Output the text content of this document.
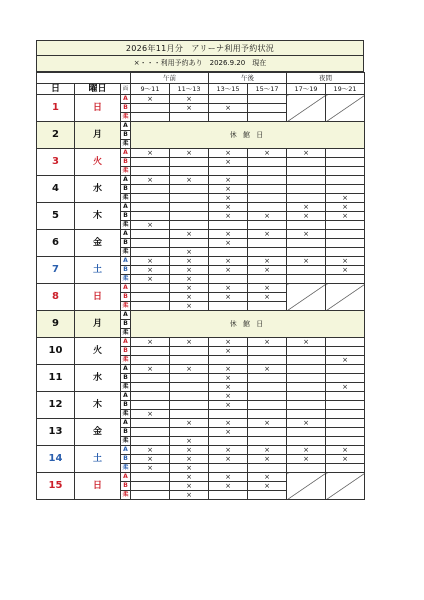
2026年11月分　アリーナ利用予約状況
×・・・利用予約あり　2026.9.20　現在
			午前		午後		夜間	
日	曜日	面	9～11	11～13	13～15	15～17	17～19	19～21
1	日	A	×	×				
		B		×	×			
		柔						
2	月	A	休 館 日					
		B						
		柔						
3	火	A	×	×	×	×	×	
		B			×			
		柔						
4	水	A	×	×	×			
		B			×			
		柔			×			×
5	木	A			×		×	×
		B			×	×	×	×
		柔	×					
6	金	A		×	×	×	×	
		B			×			
		柔		×				
7	土	A	×	×	×	×	×	×
		B	×	×	×	×		×
		柔	×	×				
8	日	A		×	×	×		
		B		×	×	×		
		柔		×				
9	月	A	休 館 日					
		B						
		柔						
10	火	A	×	×	×	×	×	
		B			×			
		柔						×
11	水	A	×	×	×	×		
		B			×			
		柔			×			×
12	木	A			×			
		B			×			
		柔	×					
13	金	A		×	×	×	×	
		B			×			
		柔		×				
14	土	A	×	×	×	×	×	×
		B	×	×	×	×	×	×
		柔	×	×				
15	日	A		×	×	×		
		B		×	×	×		
		柔		×				
